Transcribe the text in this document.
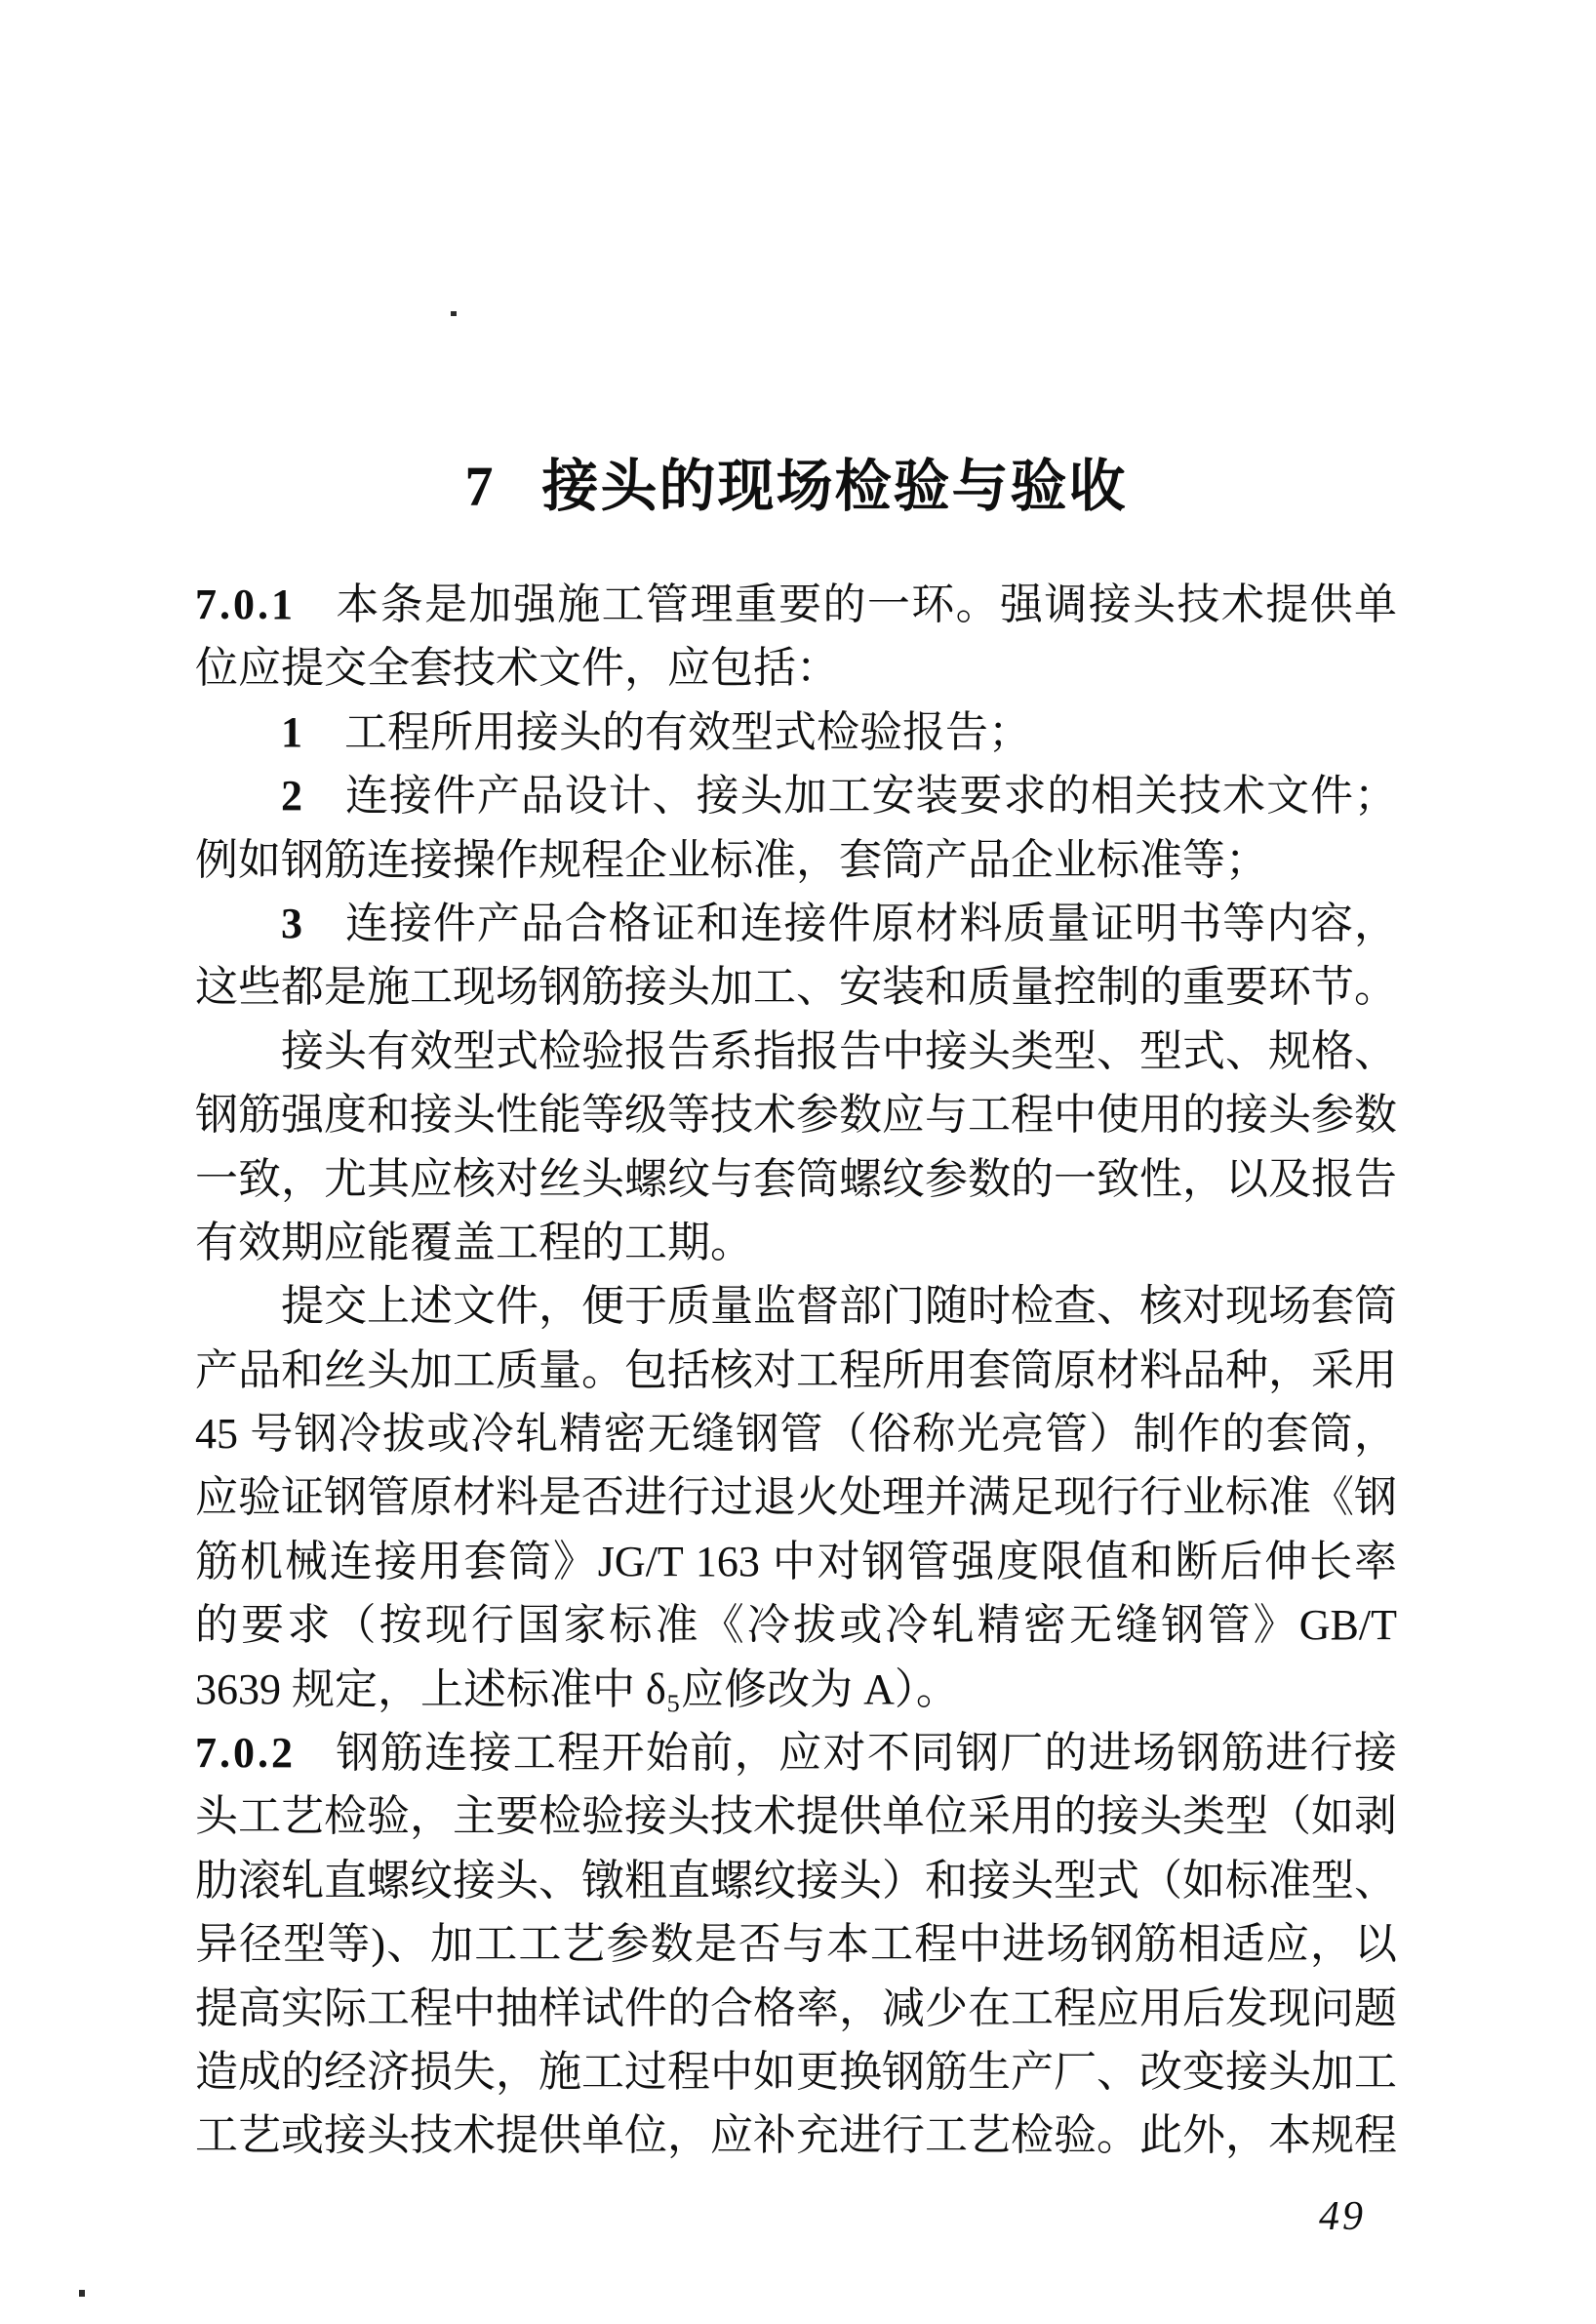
7 接头的现场检验与验收
7.0.1 本条是加强施工管理重要的一环。强调接头技术提供单
位应提交全套技术文件，应包括：
1 工程所用接头的有效型式检验报告；
2 连接件产品设计、接头加工安装要求的相关技术文件；
例如钢筋连接操作规程企业标准，套筒产品企业标准等；
3 连接件产品合格证和连接件原材料质量证明书等内容，
这些都是施工现场钢筋接头加工、安装和质量控制的重要环节。
接头有效型式检验报告系指报告中接头类型、型式、规格、
钢筋强度和接头性能等级等技术参数应与工程中使用的接头参数
一致，尤其应核对丝头螺纹与套筒螺纹参数的一致性，以及报告
有效期应能覆盖工程的工期。
提交上述文件，便于质量监督部门随时检查、核对现场套筒
产品和丝头加工质量。包括核对工程所用套筒原材料品种，采用
45 号钢冷拔或冷轧精密无缝钢管（俗称光亮管）制作的套筒，
应验证钢管原材料是否进行过退火处理并满足现行行业标准《钢
筋机械连接用套筒》JG/T 163 中对钢管强度限值和断后伸长率
的要求（按现行国家标准《冷拔或冷轧精密无缝钢管》GB/T
3639 规定，上述标准中 δ₅应修改为 A）。
7.0.2 钢筋连接工程开始前，应对不同钢厂的进场钢筋进行接
头工艺检验，主要检验接头技术提供单位采用的接头类型（如剥
肋滚轧直螺纹接头、镦粗直螺纹接头）和接头型式（如标准型、
异径型等)、加工工艺参数是否与本工程中进场钢筋相适应，以
提高实际工程中抽样试件的合格率，减少在工程应用后发现问题
造成的经济损失，施工过程中如更换钢筋生产厂、改变接头加工
工艺或接头技术提供单位，应补充进行工艺检验。此外，本规程
49
